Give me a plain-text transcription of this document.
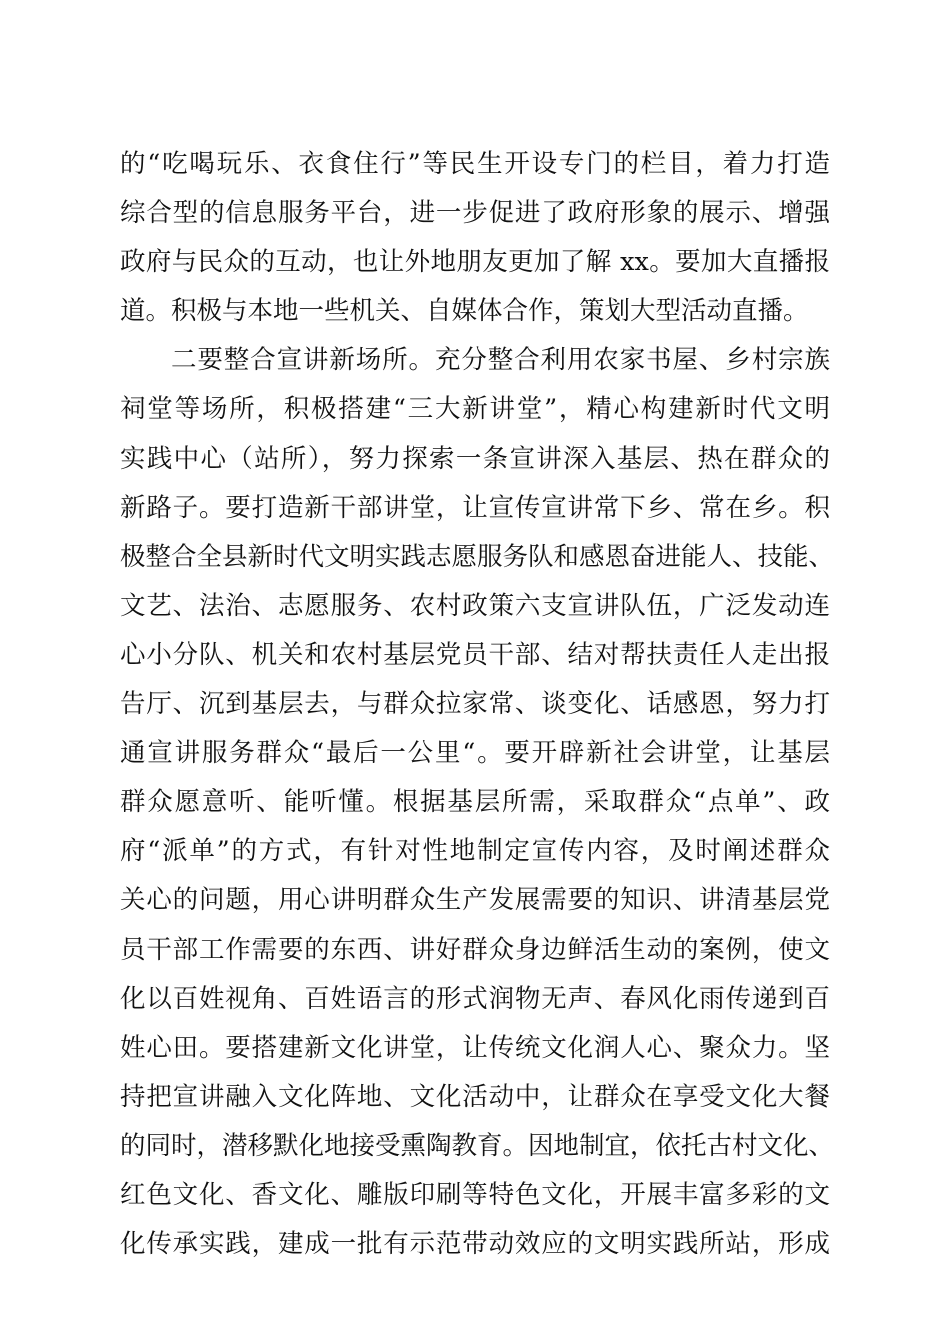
的“吃喝玩乐、衣食住行”等民生开设专门的栏目，着力打造
综合型的信息服务平台，进一步促进了政府形象的展示、增强
政府与民众的互动，也让外地朋友更加了解 xx。要加大直播报
道。积极与本地一些机关、自媒体合作，策划大型活动直播。
二要整合宣讲新场所。充分整合利用农家书屋、乡村宗族
祠堂等场所，积极搭建“三大新讲堂”，精心构建新时代文明
实践中心（站所），努力探索一条宣讲深入基层、热在群众的
新路子。要打造新干部讲堂，让宣传宣讲常下乡、常在乡。积
极整合全县新时代文明实践志愿服务队和感恩奋进能人、技能、
文艺、法治、志愿服务、农村政策六支宣讲队伍，广泛发动连
心小分队、机关和农村基层党员干部、结对帮扶责任人走出报
告厅、沉到基层去，与群众拉家常、谈变化、话感恩，努力打
通宣讲服务群众“最后一公里“。要开辟新社会讲堂，让基层
群众愿意听、能听懂。根据基层所需，采取群众“点单”、政
府“派单”的方式，有针对性地制定宣传内容，及时阐述群众
关心的问题，用心讲明群众生产发展需要的知识、讲清基层党
员干部工作需要的东西、讲好群众身边鲜活生动的案例，使文
化以百姓视角、百姓语言的形式润物无声、春风化雨传递到百
姓心田。要搭建新文化讲堂，让传统文化润人心、聚众力。坚
持把宣讲融入文化阵地、文化活动中，让群众在享受文化大餐
的同时，潜移默化地接受熏陶教育。因地制宜，依托古村文化、
红色文化、香文化、雕版印刷等特色文化，开展丰富多彩的文
化传承实践，建成一批有示范带动效应的文明实践所站，形成
